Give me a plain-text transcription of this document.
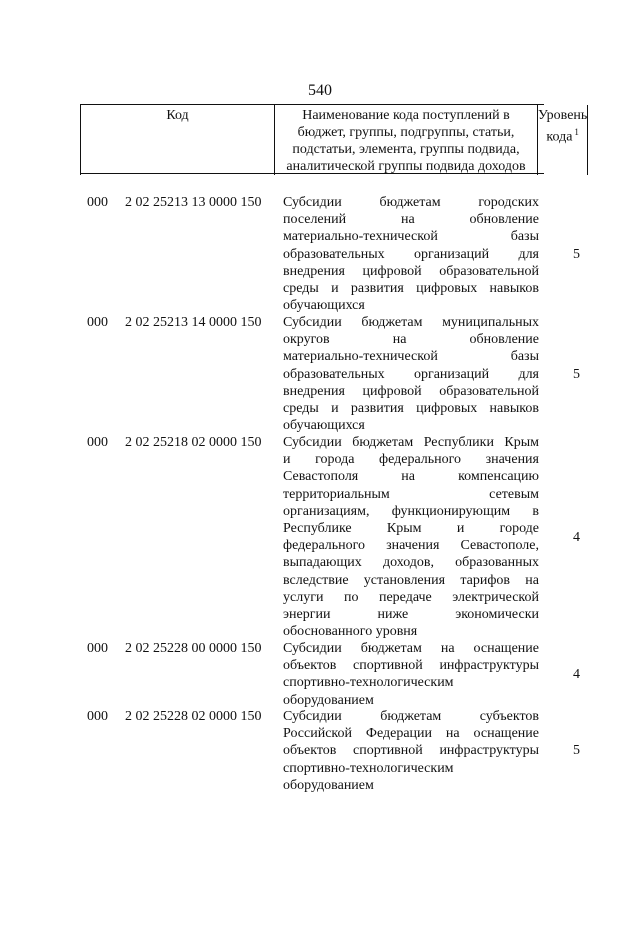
540
Код	Наименование кода поступлений в
бюджет, группы, подгруппы, статьи,
подстатьи, элемента, группы подвида,
аналитической группы подвида доходов
Уровень
кода $^1$
000 2 02 25213 13 0000 150 Субсидии бюджетам городских
поселений на обновление
материально-технической базы
образовательных организаций для
внедрения цифровой образовательной
среды и развития цифровых навыков
обучающихся
5
000 2 02 25213 14 0000 150 Субсидии бюджетам муниципальных
округов на обновление
материально-технической базы
образовательных организаций для
внедрения цифровой образовательной
среды и развития цифровых навыков
обучающихся
5
000 2 02 25218 02 0000 150 Субсидии бюджетам Республики Крым
и города федерального значения
Севастополя на компенсацию
территориальным сетевым
организациям, функционирующим в
Республике Крым и городе
федерального значения Севастополе,
выпадающих доходов, образованных
вследствие установления тарифов на
услуги по передаче электрической
энергии ниже экономически
обоснованного уровня
4
000 2 02 25228 00 0000 150 Субсидии бюджетам на оснащение
объектов спортивной инфраструктуры
спортивно-технологическим
оборудованием
4
000 2 02 25228 02 0000 150 Субсидии бюджетам субъектов
Российской Федерации на оснащение
объектов спортивной инфраструктуры
спортивно-технологическим
оборудованием
5
